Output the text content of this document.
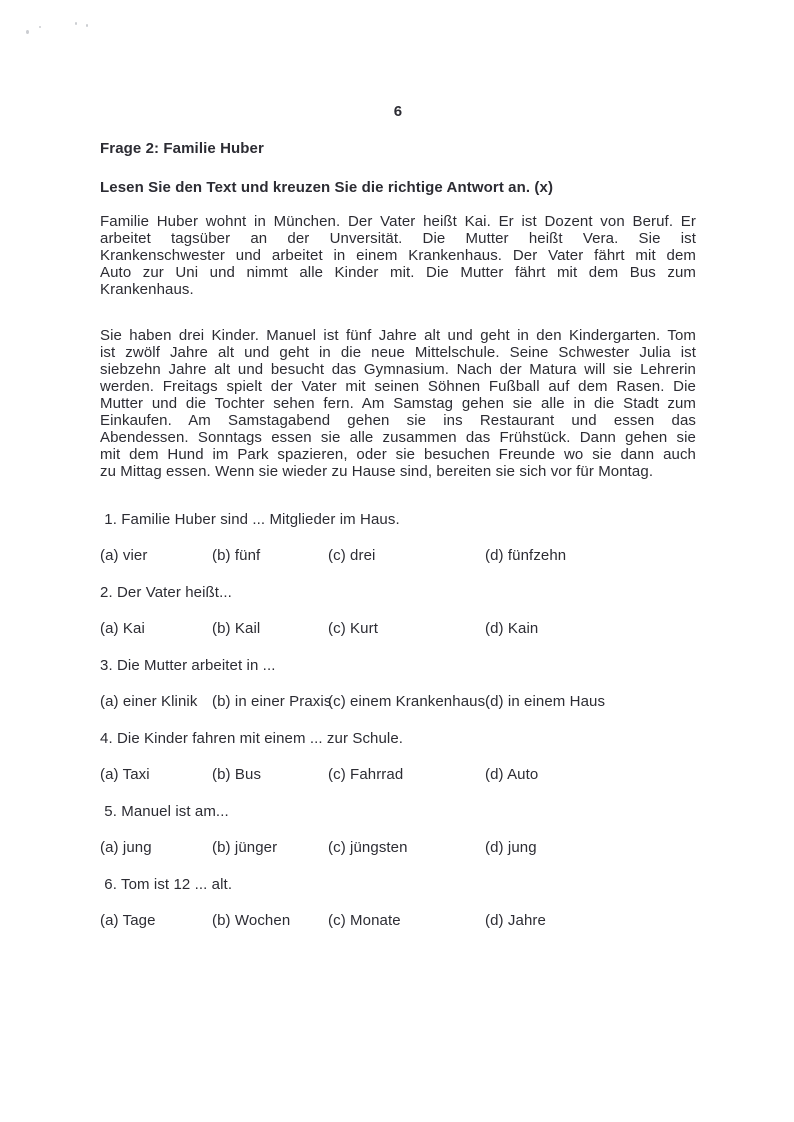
6
Frage 2: Familie Huber
Lesen Sie den Text und kreuzen Sie die richtige Antwort an. (x)
Familie Huber wohnt in München. Der Vater heißt Kai. Er ist Dozent von Beruf. Er
arbeitet tagsüber an der Unversität. Die Mutter heißt Vera. Sie ist
Krankenschwester und arbeitet in einem Krankenhaus. Der Vater fährt mit dem
Auto zur Uni und nimmt alle Kinder mit. Die Mutter fährt mit dem Bus zum
Krankenhaus.
Sie haben drei Kinder. Manuel ist fünf Jahre alt und geht in den Kindergarten. Tom
ist zwölf Jahre alt und geht in die neue Mittelschule. Seine Schwester Julia ist
siebzehn Jahre alt und besucht das Gymnasium. Nach der Matura will sie Lehrerin
werden. Freitags spielt der Vater mit seinen Söhnen Fußball auf dem Rasen. Die
Mutter und die Tochter sehen fern. Am Samstag gehen sie alle in die Stadt zum
Einkaufen. Am Samstagabend gehen sie ins Restaurant und essen das
Abendessen. Sonntags essen sie alle zusammen das Frühstück. Dann gehen sie
mit dem Hund im Park spazieren, oder sie besuchen Freunde wo sie dann auch
zu Mittag essen. Wenn sie wieder zu Hause sind, bereiten sie sich vor für Montag.
1. Familie Huber sind ... Mitglieder im Haus.
(a) vier	(b) fünf	(c) drei	(d) fünfzehn
2. Der Vater heißt...
(a) Kai	(b) Kail	(c) Kurt	(d) Kain
3. Die Mutter arbeitet in ...
(a) einer Klinik (b) in einer Praxis
(c) einem Krankenhaus (d) in einem Haus
4. Die Kinder fahren mit einem ... zur Schule.
(a) Taxi	(b) Bus	(c) Fahrrad	(d) Auto
5. Manuel ist am...
(a) jung	(b) jünger	(c) jüngsten	(d) jung
6. Tom ist 12 ... alt.
(a) Tage	(b) Wochen	(c) Monate	(d) Jahre
